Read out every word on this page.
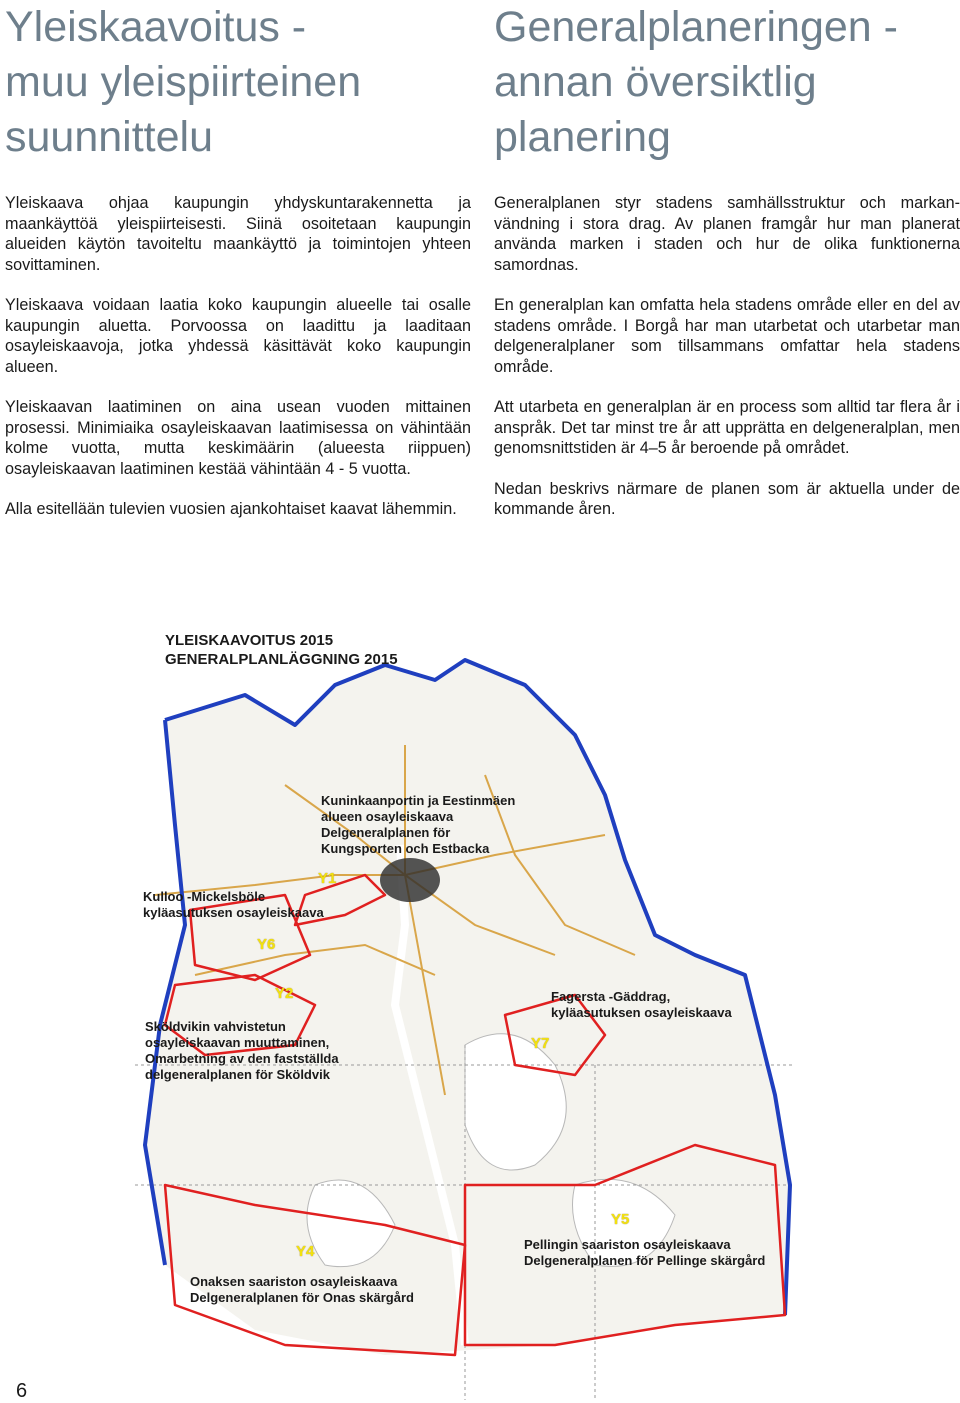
Yleiskaavoitus -
muu yleispiirteinen
suunnittelu

Yleiskaava ohjaa kaupungin yhdyskuntarakennetta ja maankäyttöä yleispiirteisesti. Siinä osoitetaan kaupungin alueiden käytön tavoiteltu maankäyttö ja toimintojen yhteen sovittaminen.

Yleiskaava voidaan laatia koko kaupungin alueelle tai osalle kaupungin aluetta. Porvoossa on laadittu ja laaditaan osayleiskaavoja, jotka yhdessä käsittävät koko kaupungin alueen.

Yleiskaavan laatiminen on aina usean vuoden mittainen prosessi. Minimiaika osayleiskaavan laatimisessa on vähintään kolme vuotta, mutta keskimäärin (alueesta riippuen) osayleiskaavan laatiminen kestää vähintään 4 - 5 vuotta.

Alla esitellään tulevien vuosien ajankohtaiset kaavat lähemmin.

Generalplaneringen -
annan översiktlig
planering

Generalplanen styr stadens samhällsstruktur och markanvändning i stora drag. Av planen framgår hur man planerat använda marken i staden och hur de olika funktionerna samordnas.

En generalplan kan omfatta hela stadens område eller en del av stadens område. I Borgå har man utarbetat och utarbetar man delgeneralplaner som tillsammans omfattar hela stadens område.

Att utarbeta en generalplan är en process som alltid tar flera år i anspråk. Det tar minst tre år att upprätta en delgeneralplan, men genomsnittstiden är 4–5 år beroende på området.

Nedan beskrivs närmare de planen som är aktuella under de kommande åren.

YLEISKAAVOITUS 2015
GENERALPLANLÄGGNING 2015
Kuninkaanportin ja Eestinmäen
alueen osayleiskaava
Delgeneralplanen för
Kungsporten och Estbacka
Kulloo -Mickelsböle
kyläasutuksen osayleiskaava
Sköldvikin vahvistetun
osayleiskaavan muuttaminen,
Omarbetning av den fastställda
delgeneralplanen för Sköldvik
Fagersta -Gäddrag,
kyläasutuksen osayleiskaava
Pellingin saariston osayleiskaava
Delgeneralplanen för Pellinge skärgård
Onaksen saariston osayleiskaava
Delgeneralplanen för Onas skärgård
Y1
Y2
Y4
Y5
Y6
Y7
6
